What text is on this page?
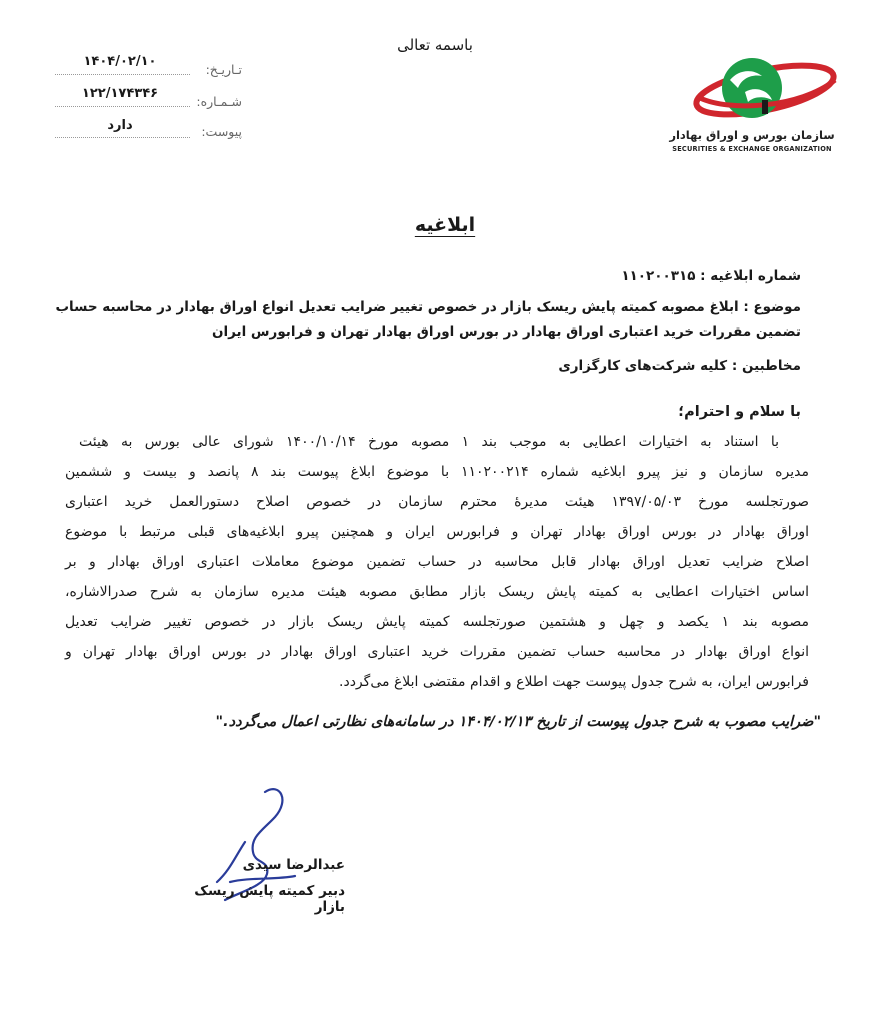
باسمه تعالی
تـاریـخ:
۱۴۰۴/۰۲/۱۰
شـمـاره:
۱۲۲/۱۷۴۳۴۶
پیوست:
دارد
سازمان بورس و اوراق بهادار
SECURITIES & EXCHANGE ORGANIZATION
ابلاغیه
شماره ابلاغیه : ۱۱۰۲۰۰۳۱۵
موضوع : ابلاغ مصوبه کمیته پایش ریسک بازار در خصوص تغییر ضرایب تعدیل انواع اوراق بهادار در محاسبه حساب
تضمین مقررات خرید اعتباری اوراق بهادار در بورس اوراق بهادار تهران و فرابورس ایران
مخاطبین : کلیه شرکت‌های کارگزاری
با سلام و احترام؛
با استناد به اختیارات اعطایی به موجب بند ۱ مصوبه مورخ ۱۴۰۰/۱۰/۱۴ شورای عالی بورس به هیئت
مدیره سازمان و نیز پیرو ابلاغیه شماره ۱۱۰۲۰۰۲۱۴ با موضوع ابلاغ پیوست بند ۸ پانصد و بیست و ششمین
صورتجلسه مورخ ۱۳۹۷/۰۵/۰۳ هیئت مدیرهٔ محترم سازمان در خصوص اصلاح دستورالعمل خرید اعتباری
اوراق بهادار در بورس اوراق بهادار تهران و فرابورس ایران و همچنین پیرو ابلاغیه‌های قبلی مرتبط با موضوع
اصلاح ضرایب تعدیل اوراق بهادار قابل محاسبه در حساب تضمین موضوع معاملات اعتباری اوراق بهادار و بر
اساس اختیارات اعطایی به کمیته پایش ریسک بازار مطابق مصوبه هیئت مدیره سازمان به شرح صدرالاشاره،
مصوبه بند ۱ یکصد و چهل و هشتمین صورتجلسه کمیته پایش ریسک بازار در خصوص تغییر ضرایب تعدیل
انواع اوراق بهادار در محاسبه حساب تضمین مقررات خرید اعتباری اوراق بهادار در بورس اوراق بهادار تهران و
فرابورس ایران، به شرح جدول پیوست جهت اطلاع و اقدام مقتضی ابلاغ می‌گردد.
"ضرایب مصوب به شرح جدول پیوست از تاریخ ۱۴۰۴/۰۲/۱۳ در سامانه‌های نظارتی اعمال می‌گردد."
عبدالرضا سیدی
دبیر کمیته پایش ریسک بازار
